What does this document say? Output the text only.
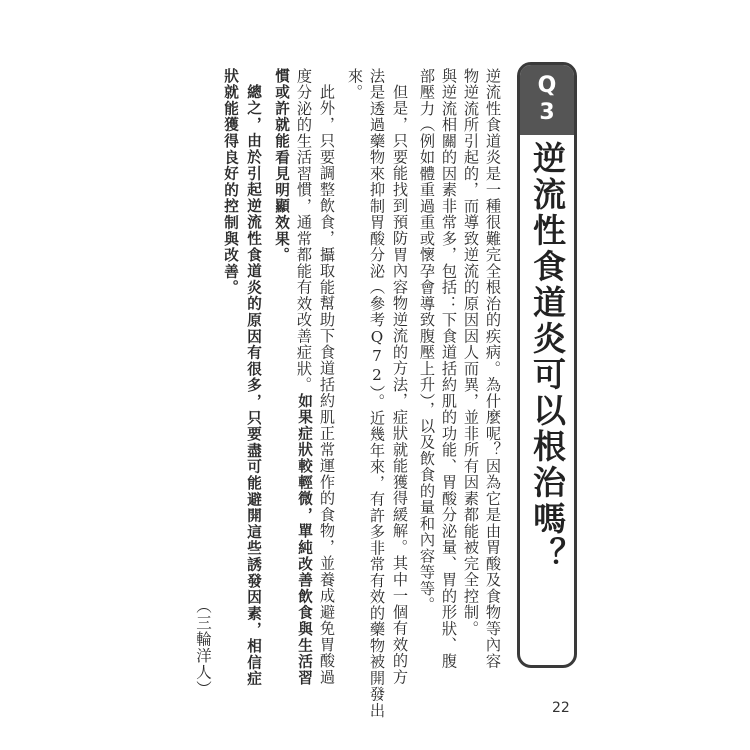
Q3
逆流性食道炎可以根治嗎？
逆流性食道炎是一種很難完全根治的疾病。為什麼呢？因為它是由胃酸及食物等內容
物逆流所引起的，而導致逆流的原因因人而異，並非所有因素都能被完全控制。
與逆流相關的因素非常多，包括：下食道括約肌的功能、胃酸分泌量、胃的形狀、腹
部壓力（例如體重過重或懷孕會導致腹壓上升），以及飲食的量和內容等等。
但是，只要能找到預防胃內容物逆流的方法，症狀就能獲得緩解。其中一個有效的方
法是透過藥物來抑制胃酸分泌（參考Q72）。近幾年來，有許多非常有效的藥物被開發出
來。
此外，只要調整飲食，攝取能幫助下食道括約肌正常運作的食物，並養成避免胃酸過
度分泌的生活習慣，通常都能有效改善症狀。如果症狀較輕微，單純改善飲食與生活習
慣或許就能看見明顯效果。
總之，由於引起逆流性食道炎的原因有很多，只要盡可能避開這些誘發因素，相信症
狀就能獲得良好的控制與改善。
（三輪洋人）
22
